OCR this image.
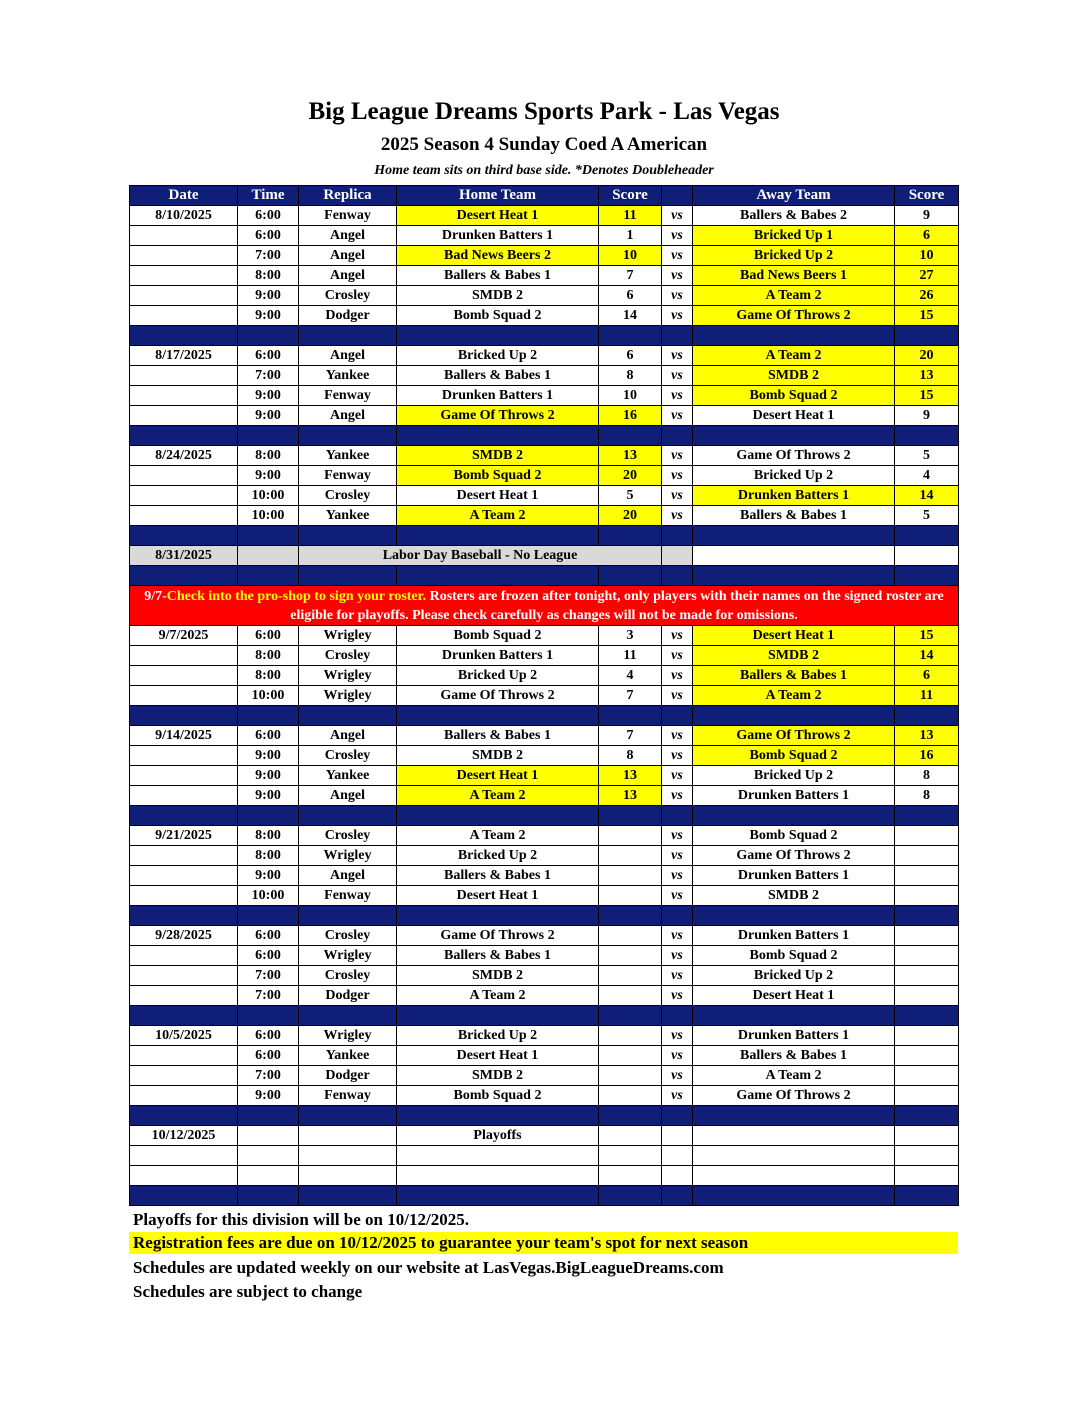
Big League Dreams Sports Park - Las Vegas
2025 Season 4 Sunday Coed A American
Home team sits on third base side. *Denotes Doubleheader
Date	Time	Replica	Home Team	Score		Away Team	Score
8/10/2025	6:00	Fenway	Desert Heat 1	11	vs	Ballers & Babes 2	9
	6:00	Angel	Drunken Batters 1	1	vs	Bricked Up 1	6
	7:00	Angel	Bad News Beers 2	10	vs	Bricked Up 2	10
	8:00	Angel	Ballers & Babes 1	7	vs	Bad News Beers 1	27
	9:00	Crosley	SMDB 2	6	vs	A Team 2	26
	9:00	Dodger	Bomb Squad 2	14	vs	Game Of Throws 2	15

8/17/2025	6:00	Angel	Bricked Up 2	6	vs	A Team 2	20
	7:00	Yankee	Ballers & Babes 1	8	vs	SMDB 2	13
	9:00	Fenway	Drunken Batters 1	10	vs	Bomb Squad 2	15
	9:00	Angel	Game Of Throws 2	16	vs	Desert Heat 1	9

8/24/2025	8:00	Yankee	SMDB 2	13	vs	Game Of Throws 2	5
	9:00	Fenway	Bomb Squad 2	20	vs	Bricked Up 2	4
	10:00	Crosley	Desert Heat 1	5	vs	Drunken Batters 1	14
	10:00	Yankee	A Team 2	20	vs	Ballers & Babes 1	5

8/31/2025		Labor Day Baseball - No League					

9/7-Check into the pro-shop to sign your roster. Rosters are frozen after tonight, only players with their names on the signed roster are eligible for playoffs. Please check carefully as changes will not be made for omissions.							
9/7/2025	6:00	Wrigley	Bomb Squad 2	3	vs	Desert Heat 1	15
	8:00	Crosley	Drunken Batters 1	11	vs	SMDB 2	14
	8:00	Wrigley	Bricked Up 2	4	vs	Ballers & Babes 1	6
	10:00	Wrigley	Game Of Throws 2	7	vs	A Team 2	11

9/14/2025	6:00	Angel	Ballers & Babes 1	7	vs	Game Of Throws 2	13
	9:00	Crosley	SMDB 2	8	vs	Bomb Squad 2	16
	9:00	Yankee	Desert Heat 1	13	vs	Bricked Up 2	8
	9:00	Angel	A Team 2	13	vs	Drunken Batters 1	8

9/21/2025	8:00	Crosley	A Team 2		vs	Bomb Squad 2	
	8:00	Wrigley	Bricked Up 2		vs	Game Of Throws 2	
	9:00	Angel	Ballers & Babes 1		vs	Drunken Batters 1	
	10:00	Fenway	Desert Heat 1		vs	SMDB 2	

9/28/2025	6:00	Crosley	Game Of Throws 2		vs	Drunken Batters 1	
	6:00	Wrigley	Ballers & Babes 1		vs	Bomb Squad 2	
	7:00	Crosley	SMDB 2		vs	Bricked Up 2	
	7:00	Dodger	A Team 2		vs	Desert Heat 1	

10/5/2025	6:00	Wrigley	Bricked Up 2		vs	Drunken Batters 1	
	6:00	Yankee	Desert Heat 1		vs	Ballers & Babes 1	
	7:00	Dodger	SMDB 2		vs	A Team 2	
	9:00	Fenway	Bomb Squad 2		vs	Game Of Throws 2	

10/12/2025			Playoffs				

Playoffs for this division will be on 10/12/2025.
Registration fees are due on 10/12/2025 to guarantee your team's spot for next season
Schedules are updated weekly on our website at LasVegas.BigLeagueDreams.com
Schedules are subject to change
